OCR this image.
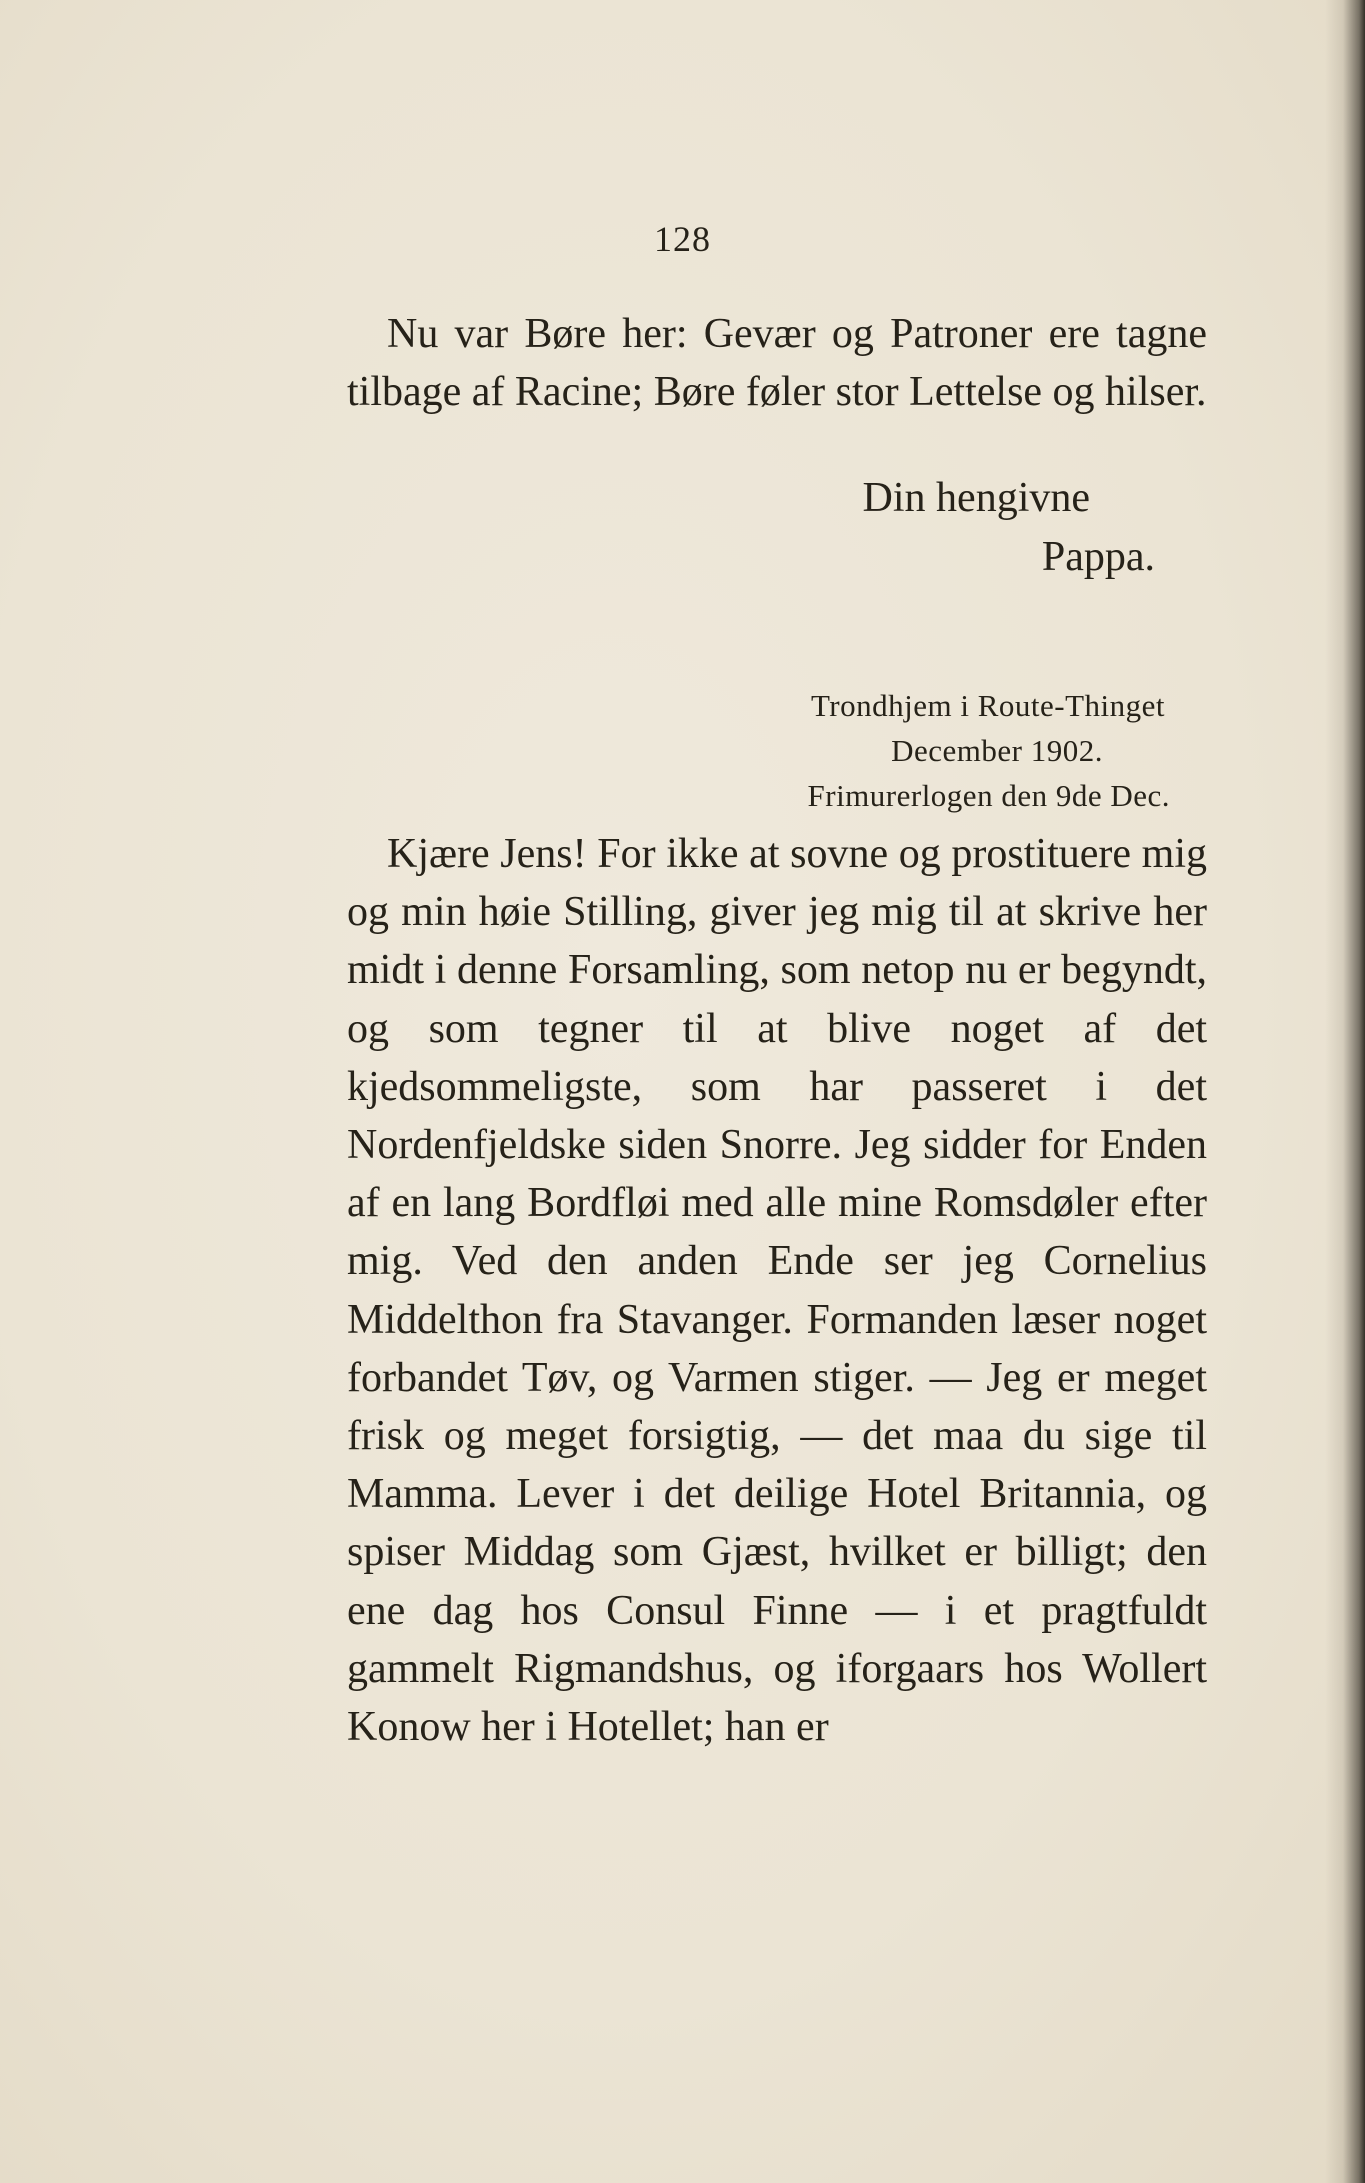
128

Nu var Børe her: Gevær og Patroner ere tagne tilbage af Racine; Børe føler stor Lettelse og hilser.

Din hengivne
Pappa.
Trondhjem i Route-Thinget
December 1902.
Frimurerlogen den 9de Dec.

Kjære Jens! For ikke at sovne og prostituere mig og min høie Stilling, giver jeg mig til at skrive her midt i denne Forsamling, som netop nu er begyndt, og som tegner til at blive noget af det kjedsommeligste, som har passeret i det Nordenfjeldske siden Snorre. Jeg sidder for Enden af en lang Bordfløi med alle mine Romsdøler efter mig. Ved den anden Ende ser jeg Cornelius Middelthon fra Stavanger. Formanden læser noget forbandet Tøv, og Varmen stiger. — Jeg er meget frisk og meget forsigtig, — det maa du sige til Mamma. Lever i det deilige Hotel Britannia, og spiser Middag som Gjæst, hvilket er billigt; den ene dag hos Consul Finne — i et pragtfuldt gammelt Rigmandshus, og iforgaars hos Wollert Konow her i Hotellet; han er
